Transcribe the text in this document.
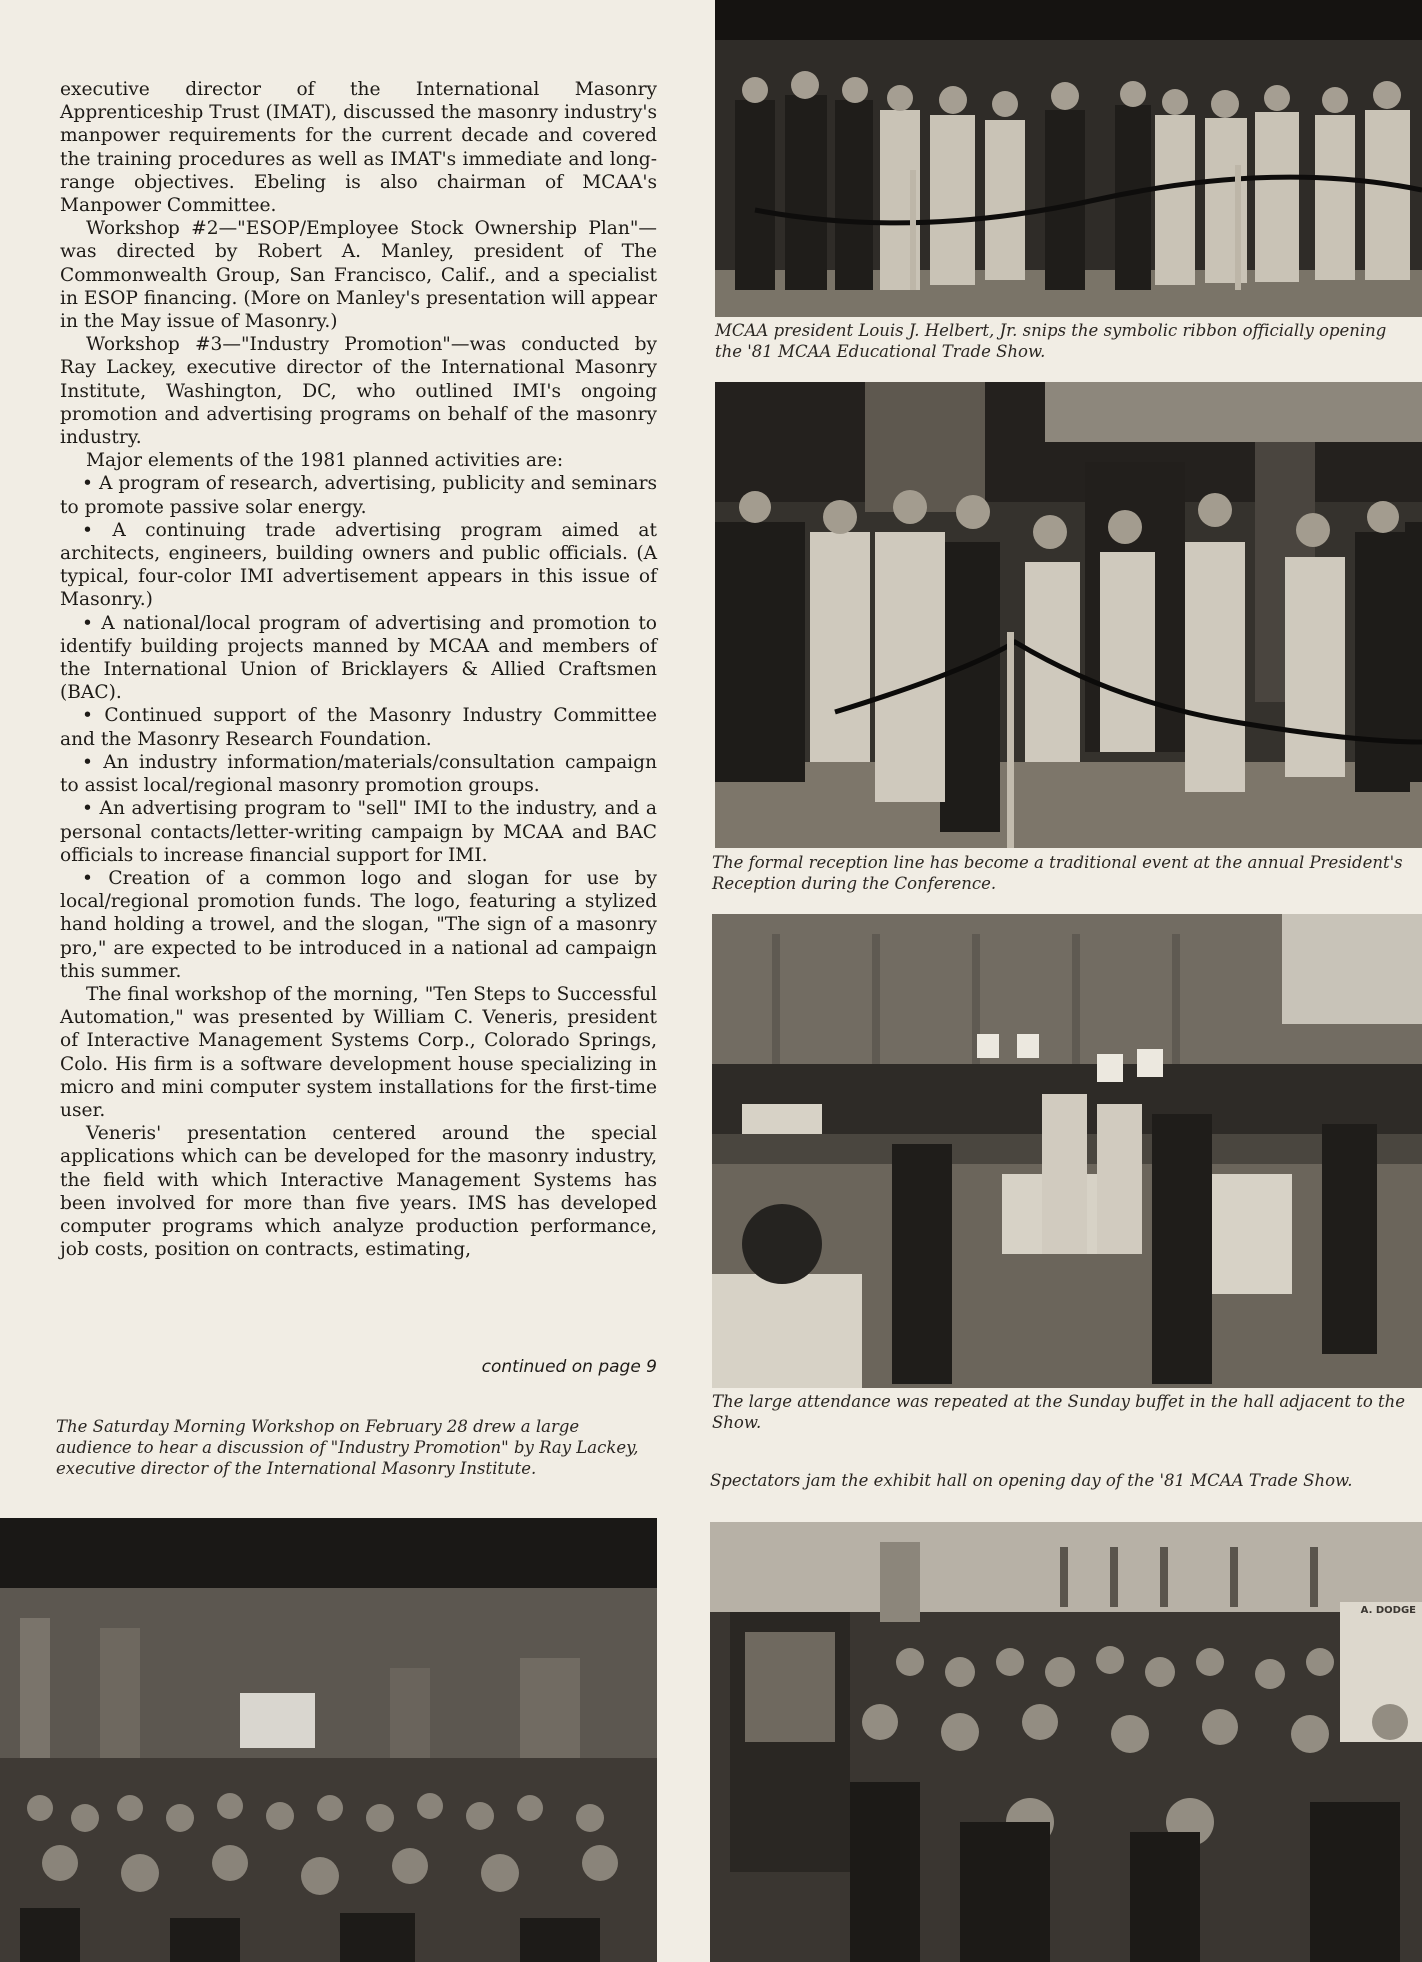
executive director of the International Masonry Apprenticeship Trust (IMAT), discussed the masonry industry's manpower requirements for the current decade and covered the training procedures as well as IMAT's immediate and long-range objectives. Ebeling is also chairman of MCAA's Manpower Committee.

Workshop #2—"ESOP/Employee Stock Ownership Plan"—was directed by Robert A. Manley, president of The Commonwealth Group, San Francisco, Calif., and a specialist in ESOP financing. (More on Manley's presentation will appear in the May issue of Masonry.)

Workshop #3—"Industry Promotion"—was conducted by Ray Lackey, executive director of the International Masonry Institute, Washington, DC, who outlined IMI's ongoing promotion and advertising programs on behalf of the masonry industry.

Major elements of the 1981 planned activities are:

• A program of research, advertising, publicity and seminars to promote passive solar energy.

• A continuing trade advertising program aimed at architects, engineers, building owners and public officials. (A typical, four-color IMI advertisement appears in this issue of Masonry.)

• A national/local program of advertising and promotion to identify building projects manned by MCAA and members of the International Union of Bricklayers & Allied Craftsmen (BAC).

• Continued support of the Masonry Industry Committee and the Masonry Research Foundation.

• An industry information/materials/consultation campaign to assist local/regional masonry promotion groups.

• An advertising program to "sell" IMI to the industry, and a personal contacts/letter-writing campaign by MCAA and BAC officials to increase financial support for IMI.

• Creation of a common logo and slogan for use by local/regional promotion funds. The logo, featuring a stylized hand holding a trowel, and the slogan, "The sign of a masonry pro," are expected to be introduced in a national ad campaign this summer.

The final workshop of the morning, "Ten Steps to Successful Automation," was presented by William C. Veneris, president of Interactive Management Systems Corp., Colorado Springs, Colo. His firm is a software development house specializing in micro and mini computer system installations for the first-time user.

Veneris' presentation centered around the special applications which can be developed for the masonry industry, the field with which Interactive Management Systems has been involved for more than five years. IMS has developed computer programs which analyze production performance, job costs, position on contracts, estimating,

continued on page 9
The Saturday Morning Workshop on February 28 drew a large audience to hear a discussion of "Industry Promotion" by Ray Lackey, executive director of the International Masonry Institute.
MCAA president Louis J. Helbert, Jr. snips the symbolic ribbon officially opening the '81 MCAA Educational Trade Show.
The formal reception line has become a traditional event at the annual President's Reception during the Conference.
The large attendance was repeated at the Sunday buffet in the hall adjacent to the Show.
Spectators jam the exhibit hall on opening day of the '81 MCAA Trade Show.
A. DODGE
